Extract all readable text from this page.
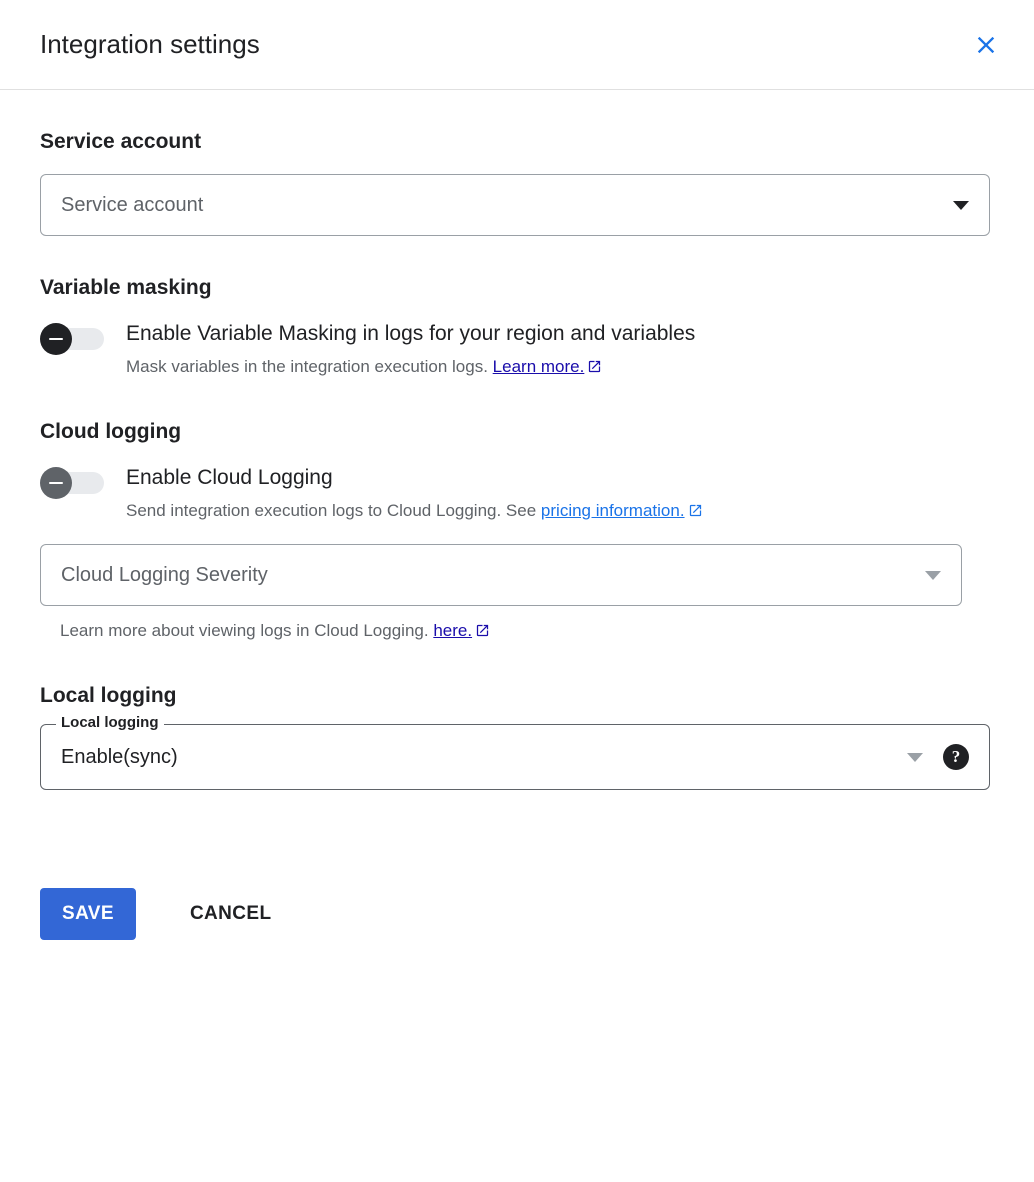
Integration settings
Service account
Service account
Variable masking
Enable Variable Masking in logs for your region and variables
Mask variables in the integration execution logs. Learn more.
Cloud logging
Enable Cloud Logging
Send integration execution logs to Cloud Logging. See pricing information.
Cloud Logging Severity
Learn more about viewing logs in Cloud Logging. here.
Local logging
Local logging
Enable(sync)	?
SAVE	CANCEL
